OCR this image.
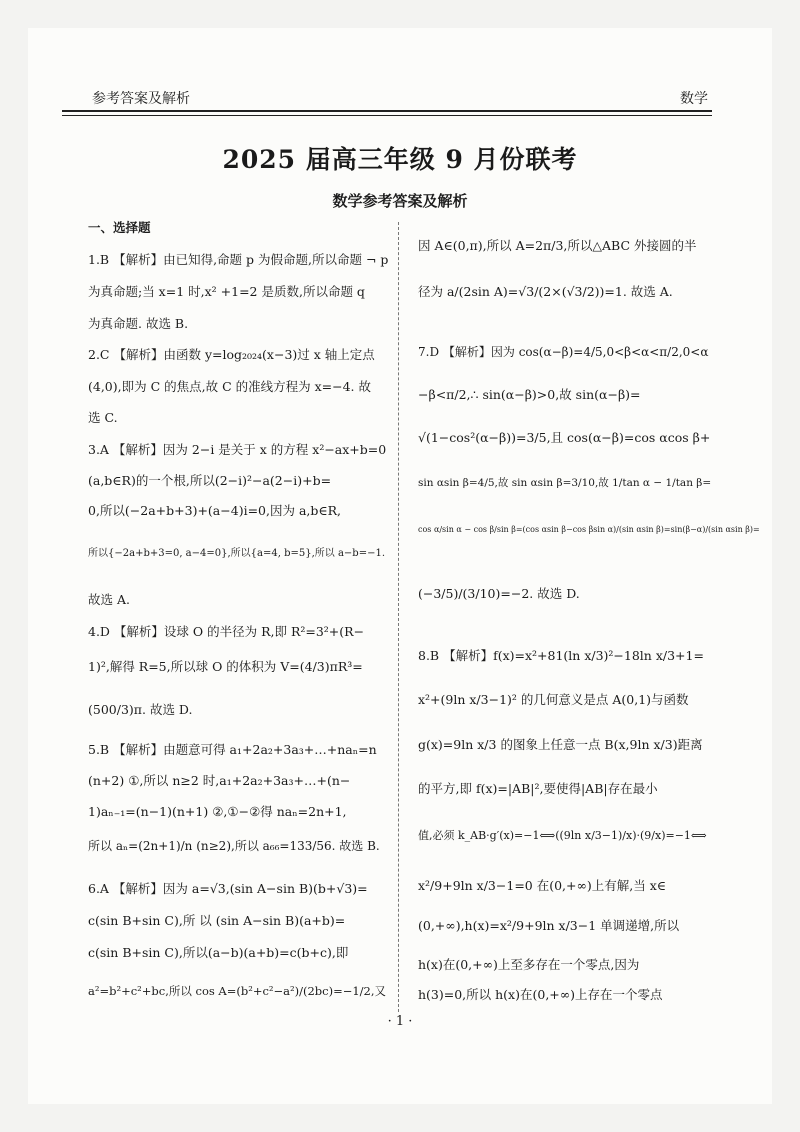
参考答案及解析	数学
2025 届高三年级 9 月份联考
数学参考答案及解析
一、选择题
1.B 【解析】由已知得,命题 p 为假命题,所以命题 ¬ p
为真命题;当 x=1 时,x² +1=2 是质数,所以命题 q
为真命题. 故选 B.
2.C 【解析】由函数 y=log₂₀₂₄(x−3)过 x 轴上定点
(4,0),即为 C 的焦点,故 C 的准线方程为 x=−4. 故
选 C.
3.A 【解析】因为 2−i 是关于 x 的方程 x²−ax+b=0
(a,b∈R)的一个根,所以(2−i)²−a(2−i)+b=
0,所以(−2a+b+3)+(a−4)i=0,因为 a,b∈R,
所以{−2a+b+3=0, a−4=0},所以{a=4, b=5},所以 a−b=−1.
故选 A.
4.D 【解析】设球 O 的半径为 R,即 R²=3²+(R−
1)²,解得 R=5,所以球 O 的体积为 V=(4/3)πR³=
(500/3)π. 故选 D.
5.B 【解析】由题意可得 a₁+2a₂+3a₃+…+naₙ=n
(n+2) ①,所以 n≥2 时,a₁+2a₂+3a₃+…+(n−
1)aₙ₋₁=(n−1)(n+1) ②,①−②得 naₙ=2n+1,
所以 aₙ=(2n+1)/n (n≥2),所以 a₆₆=133/56. 故选 B.
6.A 【解析】因为 a=√3,(sin A−sin B)(b+√3)=
c(sin B+sin C),所 以 (sin A−sin B)(a+b)=
c(sin B+sin C),所以(a−b)(a+b)=c(b+c),即
a²=b²+c²+bc,所以 cos A=(b²+c²−a²)/(2bc)=−1/2,又
因 A∈(0,π),所以 A=2π/3,所以△ABC 外接圆的半
径为 a/(2sin A)=√3/(2×(√3/2))=1. 故选 A.
7.D 【解析】因为 cos(α−β)=4/5,0<β<α<π/2,0<α
−β<π/2,∴ sin(α−β)>0,故 sin(α−β)=
√(1−cos²(α−β))=3/5,且 cos(α−β)=cos αcos β+
sin αsin β=4/5,故 sin αsin β=3/10,故 1/tan α − 1/tan β=
cos α/sin α − cos β/sin β=(cos αsin β−cos βsin α)/(sin αsin β)=sin(β−α)/(sin αsin β)=
(−3/5)/(3/10)=−2. 故选 D.
8.B 【解析】f(x)=x²+81(ln x/3)²−18ln x/3+1=
x²+(9ln x/3−1)² 的几何意义是点 A(0,1)与函数
g(x)=9ln x/3 的图象上任意一点 B(x,9ln x/3)距离
的平方,即 f(x)=|AB|²,要使得|AB|存在最小
值,必须 k_AB·g′(x)=−1⟺((9ln x/3−1)/x)·(9/x)=−1⟺
x²/9+9ln x/3−1=0 在(0,+∞)上有解,当 x∈
(0,+∞),h(x)=x²/9+9ln x/3−1 单调递增,所以
h(x)在(0,+∞)上至多存在一个零点,因为
h(3)=0,所以 h(x)在(0,+∞)上存在一个零点
· 1 ·
